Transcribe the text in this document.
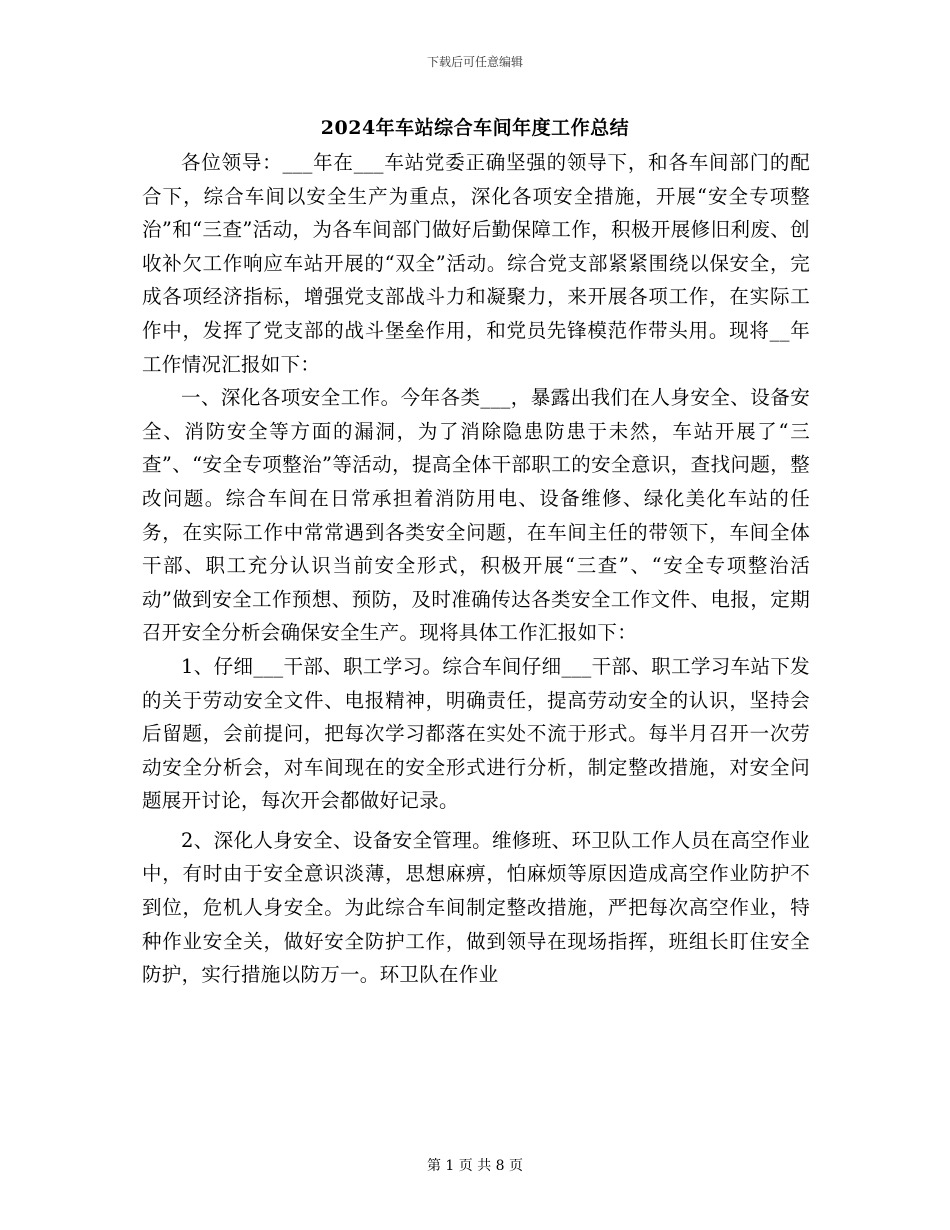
下载后可任意编辑
2024年车站综合车间年度工作总结

各位领导：___年在___车站党委正确坚强的领导下，和各车间部门的配合下，综合车间以安全生产为重点，深化各项安全措施，开展“安全专项整治”和“三查”活动，为各车间部门做好后勤保障工作，积极开展修旧利废、创收补欠工作响应车站开展的“双全”活动。综合党支部紧紧围绕以保安全，完成各项经济指标，增强党支部战斗力和凝聚力，来开展各项工作，在实际工作中，发挥了党支部的战斗堡垒作用，和党员先锋模范作带头用。现将__年工作情况汇报如下：

一、深化各项安全工作。今年各类___，暴露出我们在人身安全、设备安全、消防安全等方面的漏洞，为了消除隐患防患于未然，车站开展了“三查”、“安全专项整治”等活动，提高全体干部职工的安全意识，查找问题，整改问题。综合车间在日常承担着消防用电、设备维修、绿化美化车站的任务，在实际工作中常常遇到各类安全问题，在车间主任的带领下，车间全体干部、职工充分认识当前安全形式，积极开展“三查”、“安全专项整治活动”做到安全工作预想、预防，及时准确传达各类安全工作文件、电报，定期召开安全分析会确保安全生产。现将具体工作汇报如下：

1、仔细___干部、职工学习。综合车间仔细___干部、职工学习车站下发的关于劳动安全文件、电报精神，明确责任，提高劳动安全的认识，坚持会后留题，会前提问，把每次学习都落在实处不流于形式。每半月召开一次劳动安全分析会，对车间现在的安全形式进行分析，制定整改措施，对安全问题展开讨论，每次开会都做好记录。

2、深化人身安全、设备安全管理。维修班、环卫队工作人员在高空作业中，有时由于安全意识淡薄，思想麻痹，怕麻烦等原因造成高空作业防护不到位，危机人身安全。为此综合车间制定整改措施，严把每次高空作业，特种作业安全关，做好安全防护工作，做到领导在现场指挥，班组长盯住安全防护，实行措施以防万一。环卫队在作业

第 1 页 共 8 页
